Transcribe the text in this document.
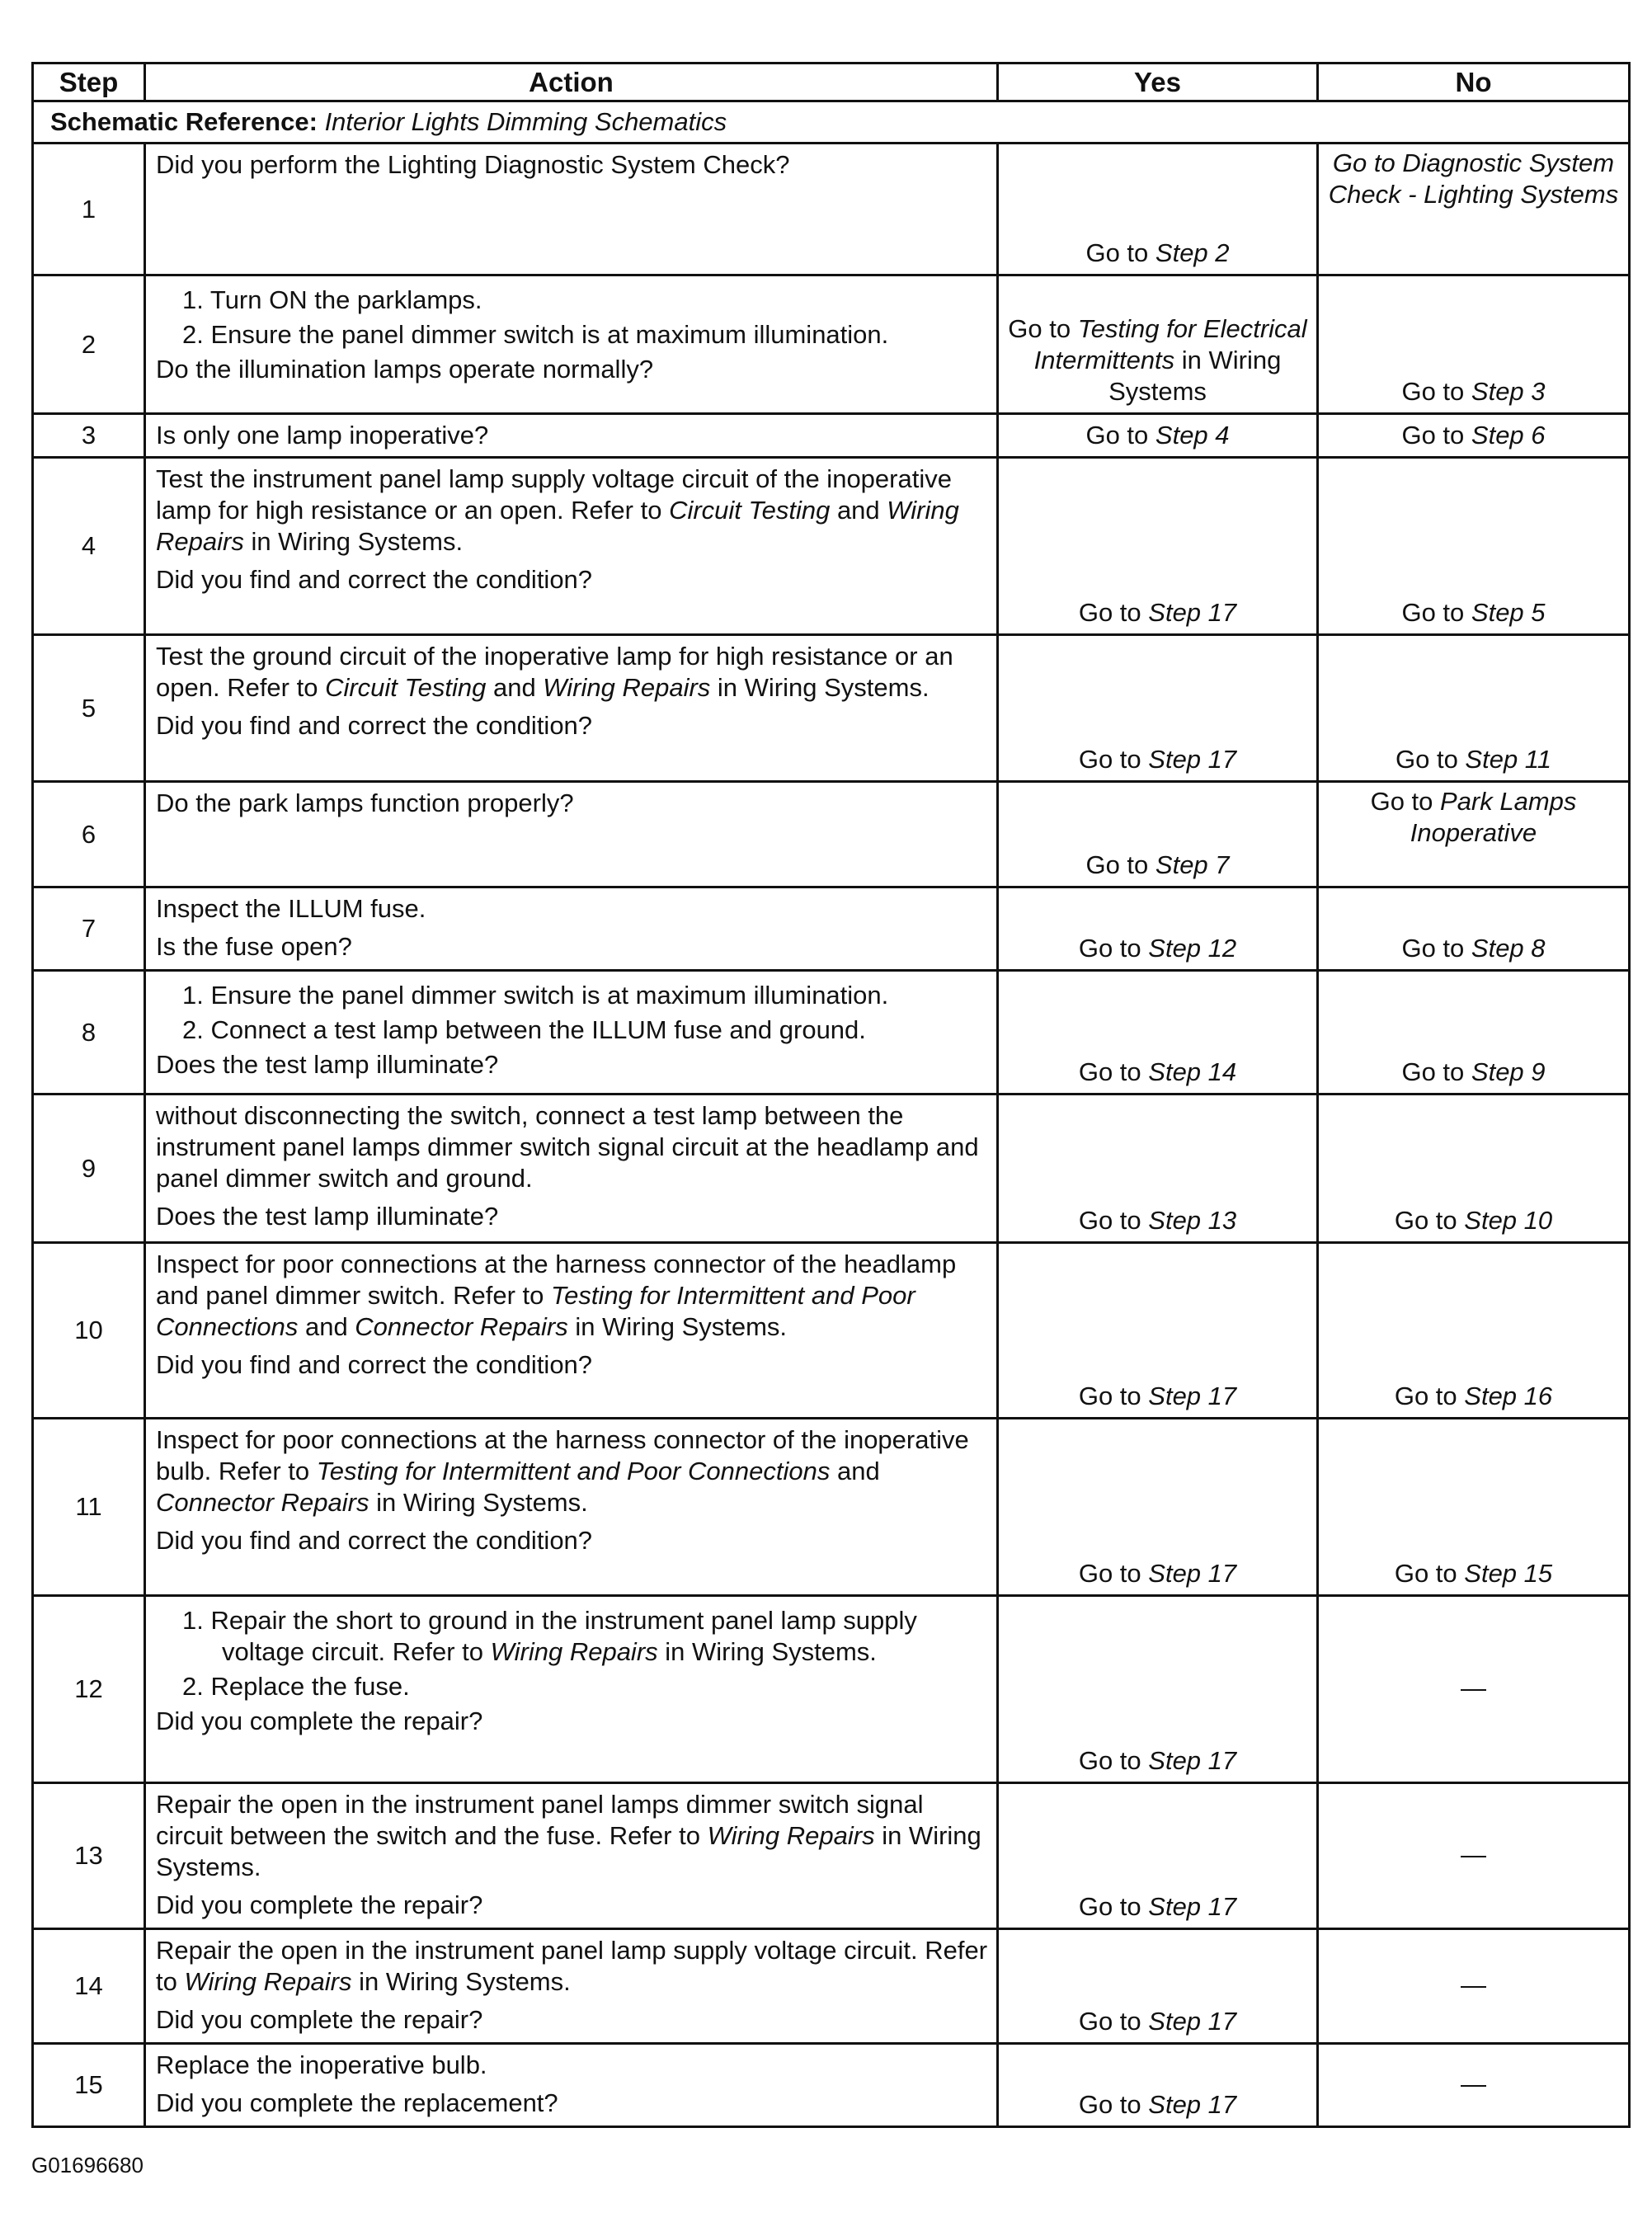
Step	Action	Yes	No
Schematic Reference: Interior Lights Dimming Schematics			
1	Did you perform the Lighting Diagnostic System Check?	Go to Step 2	Go to Diagnostic System Check - Lighting Systems
2	1. Turn ON the parklamps.
2. Ensure the panel dimmer switch is at maximum illumination.
Do the illumination lamps operate normally?	Go to Testing for Electrical Intermittents in Wiring Systems	Go to Step 3
3	Is only one lamp inoperative?	Go to Step 4	Go to Step 6
4	Test the instrument panel lamp supply voltage circuit of the inoperative lamp for high resistance or an open. Refer to Circuit Testing and Wiring Repairs in Wiring Systems.
Did you find and correct the condition?	Go to Step 17	Go to Step 5
5	Test the ground circuit of the inoperative lamp for high resistance or an open. Refer to Circuit Testing and Wiring Repairs in Wiring Systems.
Did you find and correct the condition?	Go to Step 17	Go to Step 11
6	Do the park lamps function properly?	Go to Step 7	Go to Park Lamps Inoperative
7	Inspect the ILLUM fuse.
Is the fuse open?	Go to Step 12	Go to Step 8
8	1. Ensure the panel dimmer switch is at maximum illumination.
2. Connect a test lamp between the ILLUM fuse and ground.
Does the test lamp illuminate?	Go to Step 14	Go to Step 9
9	without disconnecting the switch, connect a test lamp between the instrument panel lamps dimmer switch signal circuit at the headlamp and panel dimmer switch and ground.
Does the test lamp illuminate?	Go to Step 13	Go to Step 10
10	Inspect for poor connections at the harness connector of the headlamp and panel dimmer switch. Refer to Testing for Intermittent and Poor Connections and Connector Repairs in Wiring Systems.
Did you find and correct the condition?	Go to Step 17	Go to Step 16
11	Inspect for poor connections at the harness connector of the inoperative bulb. Refer to Testing for Intermittent and Poor Connections and Connector Repairs in Wiring Systems.
Did you find and correct the condition?	Go to Step 17	Go to Step 15
12	1. Repair the short to ground in the instrument panel lamp supply voltage circuit. Refer to Wiring Repairs in Wiring Systems.
2. Replace the fuse.
Did you complete the repair?	Go to Step 17	—
13	Repair the open in the instrument panel lamps dimmer switch signal circuit between the switch and the fuse. Refer to Wiring Repairs in Wiring Systems.
Did you complete the repair?	Go to Step 17	—
14	Repair the open in the instrument panel lamp supply voltage circuit. Refer to Wiring Repairs in Wiring Systems.
Did you complete the repair?	Go to Step 17	—
15	Replace the inoperative bulb.
Did you complete the replacement?	Go to Step 17	—
G01696680
